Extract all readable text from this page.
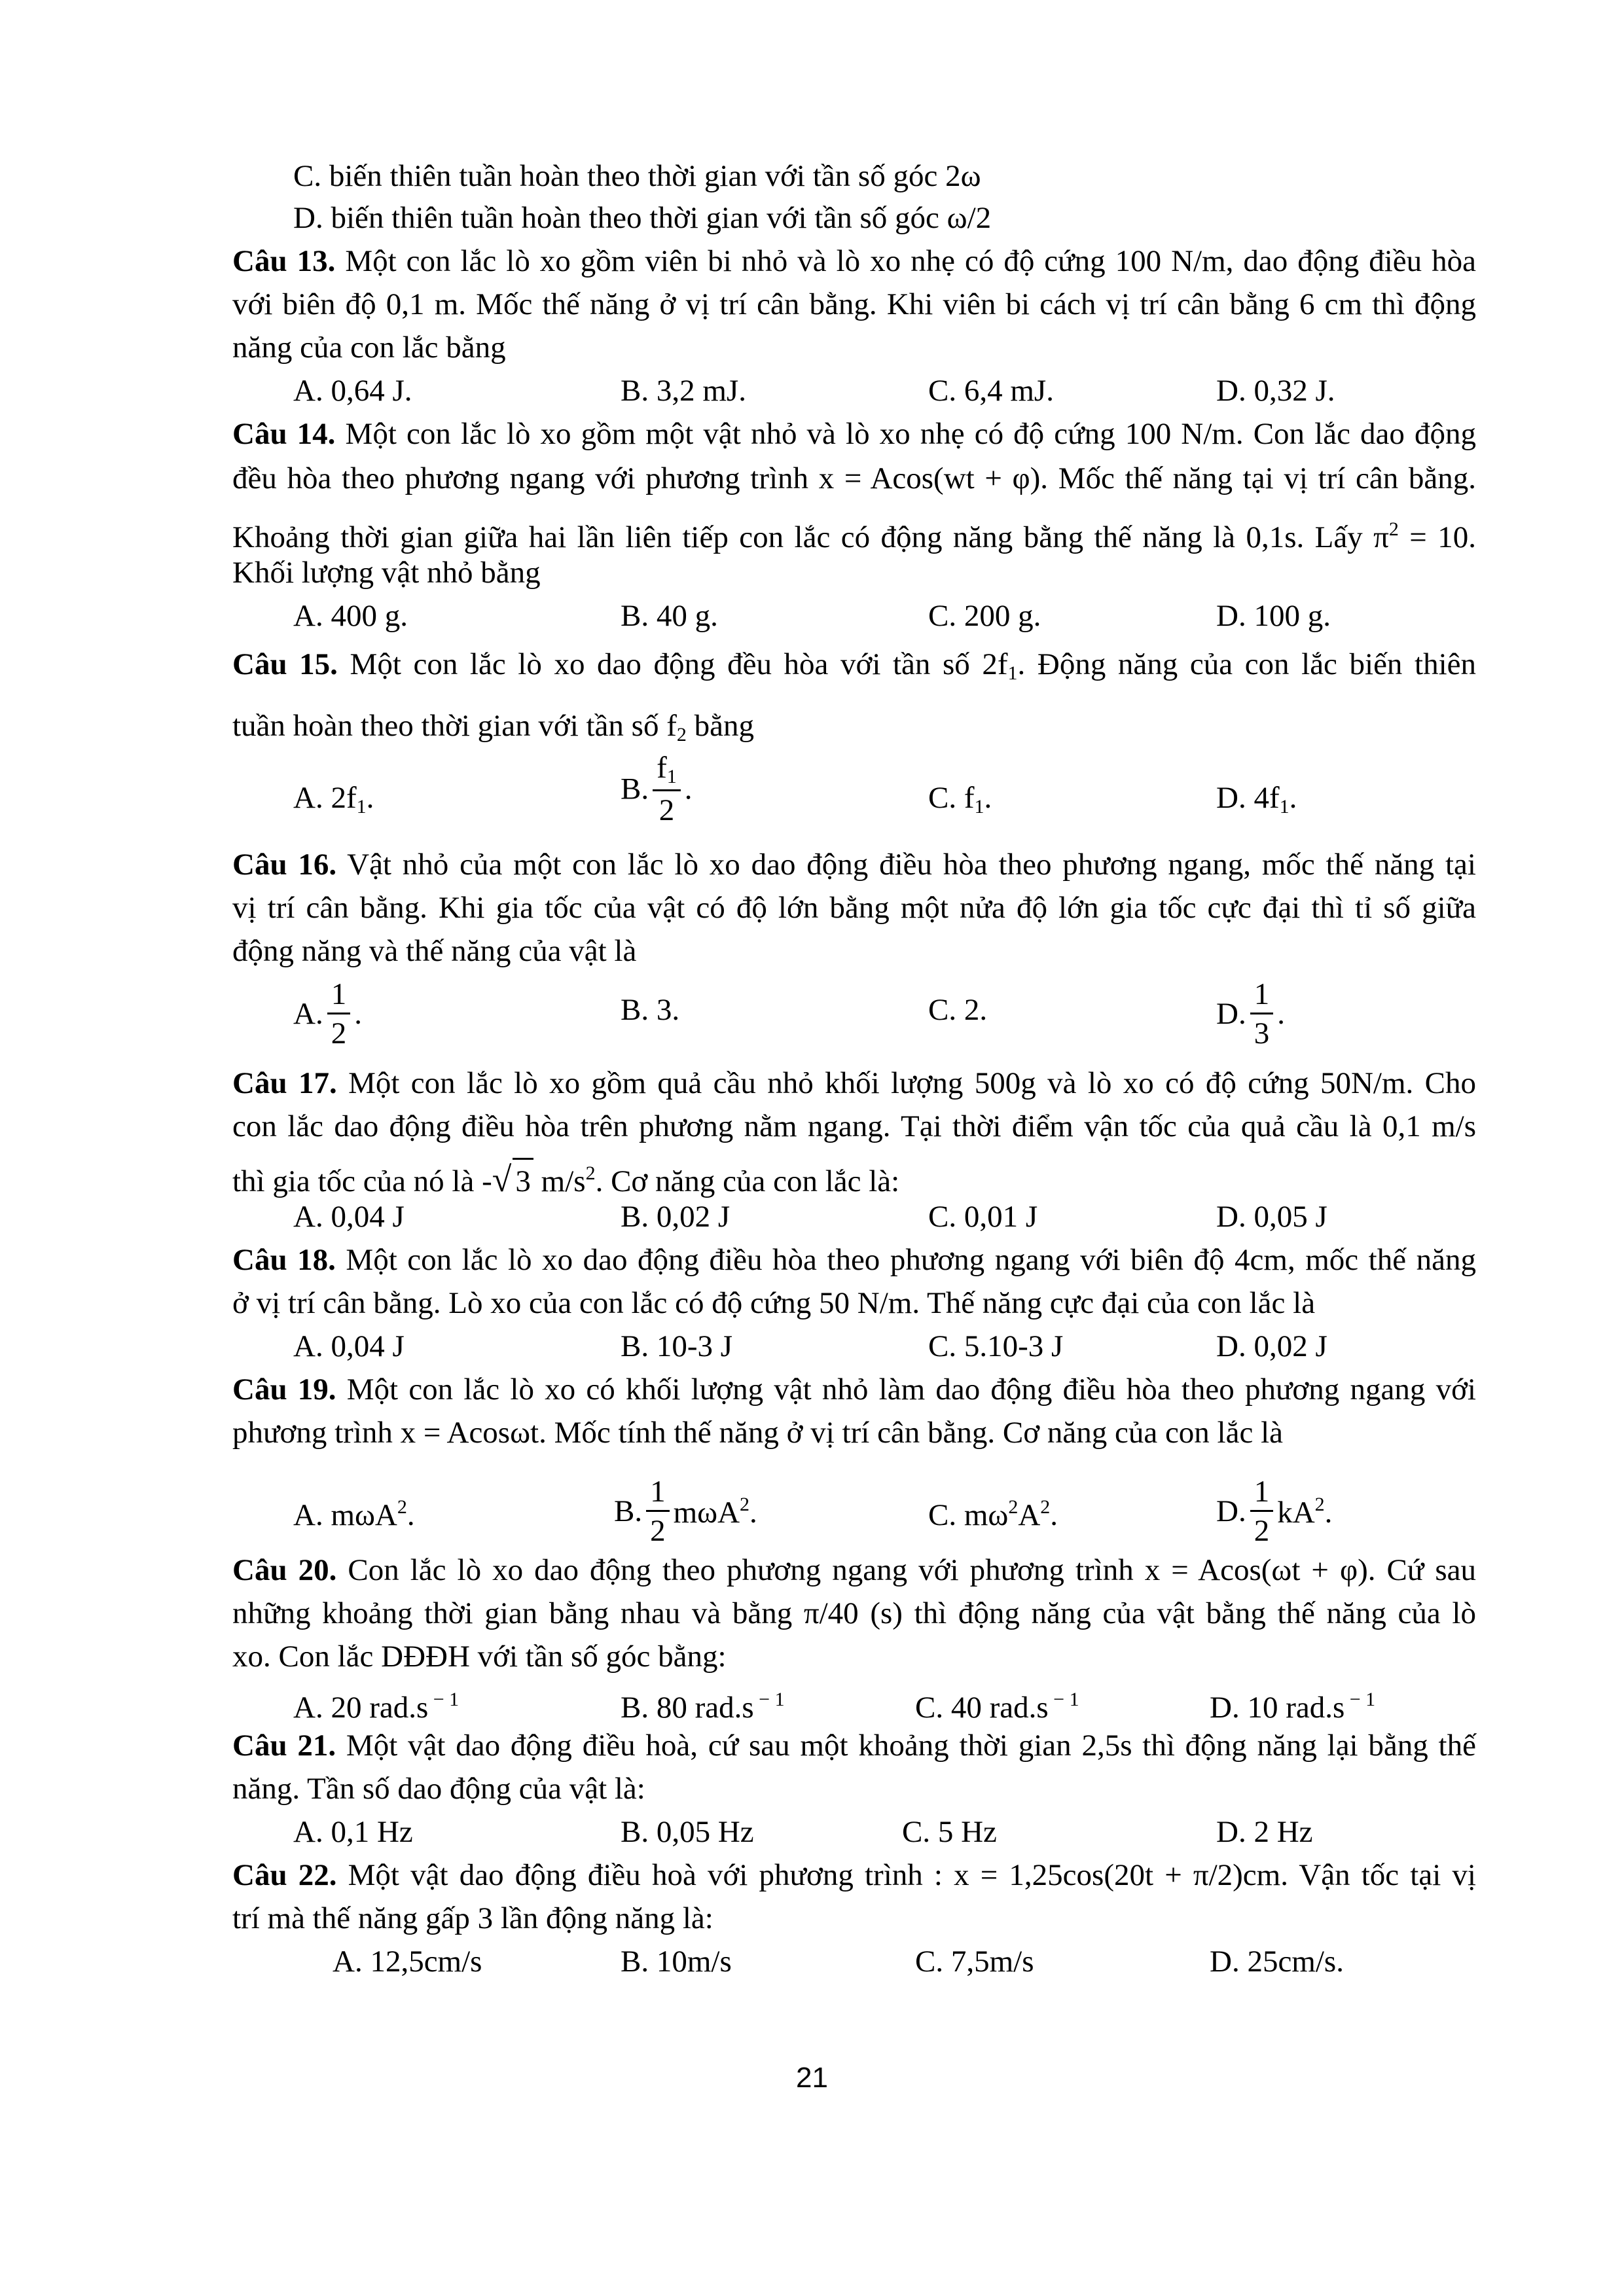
C. biến thiên tuần hoàn theo thời gian với tần số góc 2ω
D. biến thiên tuần hoàn theo thời gian với tần số góc ω/2
Câu 13. Một con lắc lò xo gồm viên bi nhỏ và lò xo nhẹ có độ cứng 100 N/m, dao động điều hòa
với biên độ 0,1 m. Mốc thế năng ở vị trí cân bằng. Khi viên bi cách vị trí cân bằng 6 cm thì động
năng của con lắc bằng
A. 0,64 J.	B. 3,2 mJ.	C. 6,4 mJ.	D. 0,32 J.
Câu 14. Một con lắc lò xo gồm một vật nhỏ và lò xo nhẹ có độ cứng 100 N/m. Con lắc dao động
đều hòa theo phương ngang với phương trình x = Acos(wt + φ). Mốc thế năng tại vị trí cân bằng.
Khoảng thời gian giữa hai lần liên tiếp con lắc có động năng bằng thế năng là 0,1s. Lấy $\pi^2 = 10$.
Khối lượng vật nhỏ bằng
A. 400 g.	B. 40 g.	C. 200 g.	D. 100 g.
Câu 15. Một con lắc lò xo dao động đều hòa với tần số $2f_1$. Động năng của con lắc biến thiên
tuần hoàn theo thời gian với tần số $f_2$ bằng
A. $2f_1$.	B. $\frac{f_1}{2}$ .	C. $f_1$.	D. $4f_1$.
Câu 16. Vật nhỏ của một con lắc lò xo dao động điều hòa theo phương ngang, mốc thế năng tại
vị trí cân bằng. Khi gia tốc của vật có độ lớn bằng một nửa độ lớn gia tốc cực đại thì tỉ số giữa
động năng và thế năng của vật là
A. $\frac{1}{2}$ .	B. 3.	C. 2.	D. $\frac{1}{3}$ .
Câu 17. Một con lắc lò xo gồm quả cầu nhỏ khối lượng 500g và lò xo có độ cứng 50N/m. Cho
con lắc dao động điều hòa trên phương nằm ngang. Tại thời điểm vận tốc của quả cầu là 0,1 m/s
thì gia tốc của nó là -√ 3 $m/s^2$. Cơ năng của con lắc là:
A. 0,04 J	B. 0,02 J	C. 0,01 J	D. 0,05 J
Câu 18. Một con lắc lò xo dao động điều hòa theo phương ngang với biên độ 4cm, mốc thế năng
ở vị trí cân bằng. Lò xo của con lắc có độ cứng 50 N/m. Thế năng cực đại của con lắc là
A. 0,04 J	B. 10-3 J	C. 5.10-3 J	D. 0,02 J
Câu 19. Một con lắc lò xo có khối lượng vật nhỏ làm dao động điều hòa theo phương ngang với
phương trình x = Acosωt. Mốc tính thế năng ở vị trí cân bằng. Cơ năng của con lắc là
A. mωA$^2$.	B. $\frac{1}{2} m\omega A^2$.	C. $m\omega^2A^2$.	D. $\frac{1}{2} kA^2$.
Câu 20. Con lắc lò xo dao động theo phương ngang với phương trình x = Acos(ωt + φ). Cứ sau
những khoảng thời gian bằng nhau và bằng π/40 (s) thì động năng của vật bằng thế năng của lò
xo. Con lắc DĐĐH với tần số góc bằng:
A. 20 rad.s $^{- 1}$	B. 80 rad.s $^{- 1}$	C. 40 rad.s $^{- 1}$	D. 10 rad.s $^{- 1}$
Câu 21. Một vật dao động điều hoà, cứ sau một khoảng thời gian 2,5s thì động năng lại bằng thế
năng. Tần số dao động của vật là:
A. 0,1 Hz	B. 0,05 Hz	C. 5 Hz	D. 2 Hz
Câu 22. Một vật dao động điều hoà với phương trình : x = 1,25cos(20t + π/2)cm. Vận tốc tại vị
trí mà thế năng gấp 3 lần động năng là:
A. 12,5cm/s	B. 10m/s	C. 7,5m/s	D. 25cm/s.
21
